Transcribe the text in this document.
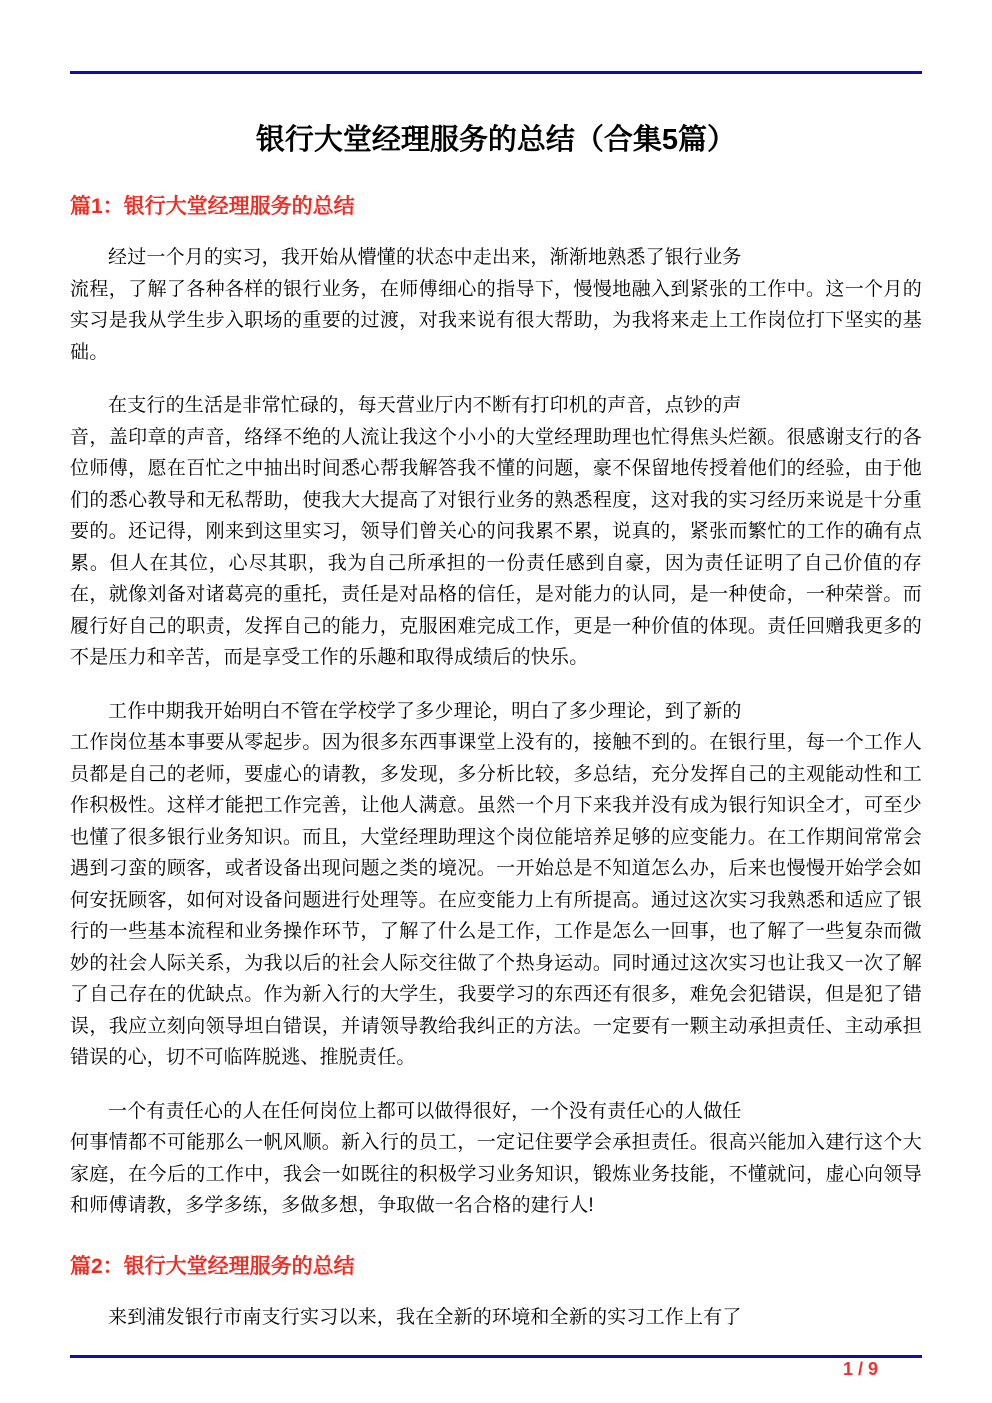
银行大堂经理服务的总结（合集5篇）
篇1：银行大堂经理服务的总结

经过一个月的实习，我开始从懵懂的状态中走出来，渐渐地熟悉了银行业务
流程，了解了各种各样的银行业务，在师傅细心的指导下，慢慢地融入到紧张的工作中。这一个月的实习是我从学生步入职场的重要的过渡，对我来说有很大帮助，为我将来走上工作岗位打下坚实的基础。

在支行的生活是非常忙碌的，每天营业厅内不断有打印机的声音，点钞的声
音，盖印章的声音，络绎不绝的人流让我这个小小的大堂经理助理也忙得焦头烂额。很感谢支行的各位师傅，愿在百忙之中抽出时间悉心帮我解答我不懂的问题，豪不保留地传授着他们的经验，由于他们的悉心教导和无私帮助，使我大大提高了对银行业务的熟悉程度，这对我的实习经历来说是十分重要的。还记得，刚来到这里实习，领导们曾关心的问我累不累，说真的，紧张而繁忙的工作的确有点累。但人在其位，心尽其职，我为自己所承担的一份责任感到自豪，因为责任证明了自己价值的存在，就像刘备对诸葛亮的重托，责任是对品格的信任，是对能力的认同，是一种使命，一种荣誉。而履行好自己的职责，发挥自己的能力，克服困难完成工作，更是一种价值的体现。责任回赠我更多的不是压力和辛苦，而是享受工作的乐趣和取得成绩后的快乐。

工作中期我开始明白不管在学校学了多少理论，明白了多少理论，到了新的
工作岗位基本事要从零起步。因为很多东西事课堂上没有的，接触不到的。在银行里，每一个工作人员都是自己的老师，要虚心的请教，多发现，多分析比较，多总结，充分发挥自己的主观能动性和工作积极性。这样才能把工作完善，让他人满意。虽然一个月下来我并没有成为银行知识全才，可至少也懂了很多银行业务知识。而且，大堂经理助理这个岗位能培养足够的应变能力。在工作期间常常会遇到刁蛮的顾客，或者设备出现问题之类的境况。一开始总是不知道怎么办，后来也慢慢开始学会如何安抚顾客，如何对设备问题进行处理等。在应变能力上有所提高。通过这次实习我熟悉和适应了银行的一些基本流程和业务操作环节，了解了什么是工作，工作是怎么一回事，也了解了一些复杂而微妙的社会人际关系，为我以后的社会人际交往做了个热身运动。同时通过这次实习也让我又一次了解了自己存在的优缺点。作为新入行的大学生，我要学习的东西还有很多，难免会犯错误，但是犯了错误，我应立刻向领导坦白错误，并请领导教给我纠正的方法。一定要有一颗主动承担责任、主动承担错误的心，切不可临阵脱逃、推脱责任。

一个有责任心的人在任何岗位上都可以做得很好，一个没有责任心的人做任
何事情都不可能那么一帆风顺。新入行的员工，一定记住要学会承担责任。很高兴能加入建行这个大家庭，在今后的工作中，我会一如既往的积极学习业务知识，锻炼业务技能，不懂就问，虚心向领导和师傅请教，多学多练，多做多想，争取做一名合格的建行人!

篇2：银行大堂经理服务的总结

来到浦发银行市南支行实习以来，我在全新的环境和全新的实习工作上有了

1 / 9
